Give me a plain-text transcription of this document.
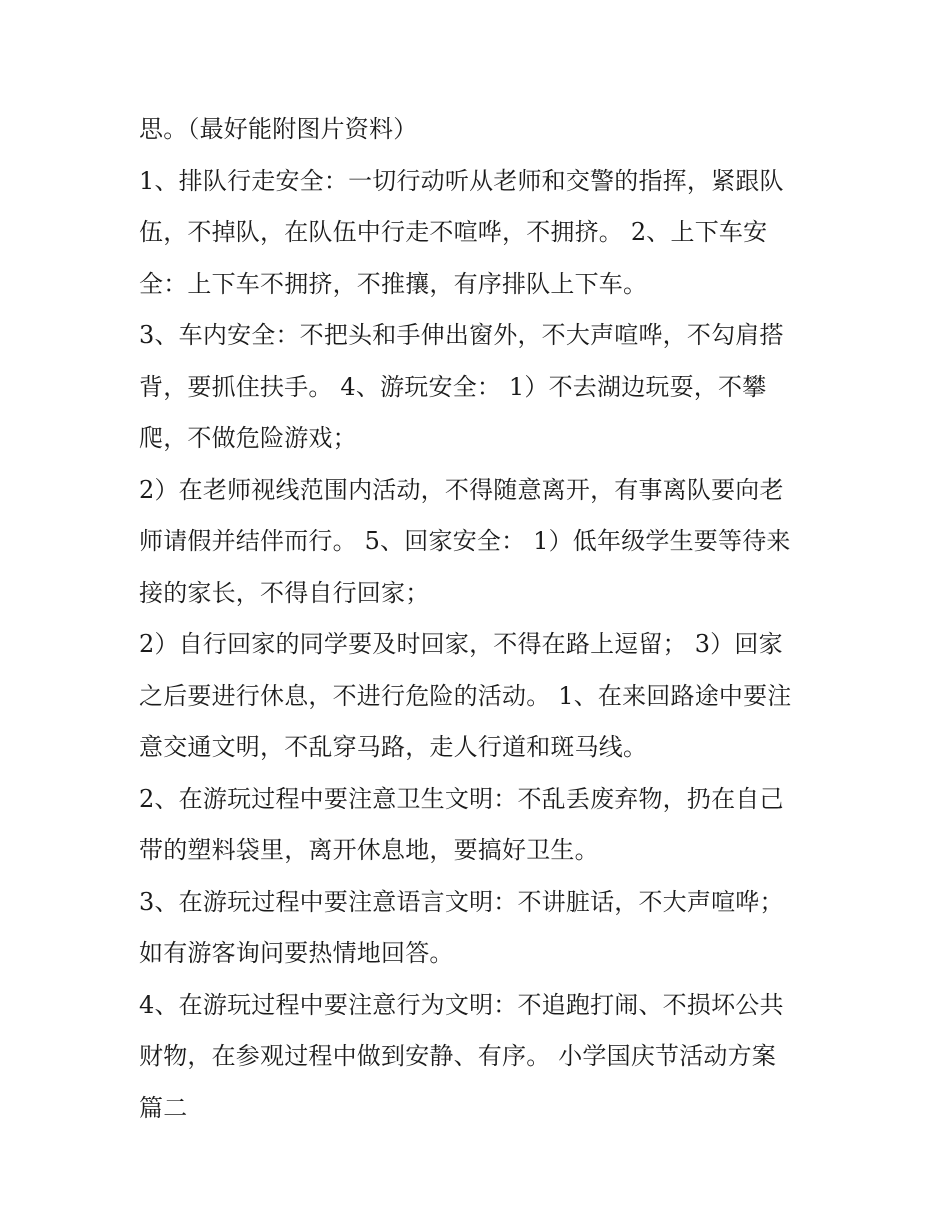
思。（最好能附图片资料）
1、排队行走安全：一切行动听从老师和交警的指挥，紧跟队
伍，不掉队，在队伍中行走不喧哗，不拥挤。 2、上下车安
全：上下车不拥挤，不推攘，有序排队上下车。
3、车内安全：不把头和手伸出窗外，不大声喧哗，不勾肩搭
背，要抓住扶手。 4、游玩安全： 1）不去湖边玩耍，不攀
爬，不做危险游戏；
2）在老师视线范围内活动，不得随意离开，有事离队要向老
师请假并结伴而行。 5、回家安全： 1）低年级学生要等待来
接的家长，不得自行回家；
2）自行回家的同学要及时回家，不得在路上逗留； 3）回家
之后要进行休息，不进行危险的活动。 1、在来回路途中要注
意交通文明，不乱穿马路，走人行道和斑马线。
2、在游玩过程中要注意卫生文明：不乱丢废弃物，扔在自己
带的塑料袋里，离开休息地，要搞好卫生。
3、在游玩过程中要注意语言文明：不讲脏话，不大声喧哗；
如有游客询问要热情地回答。
4、在游玩过程中要注意行为文明：不追跑打闹、不损坏公共
财物，在参观过程中做到安静、有序。 小学国庆节活动方案
篇二
